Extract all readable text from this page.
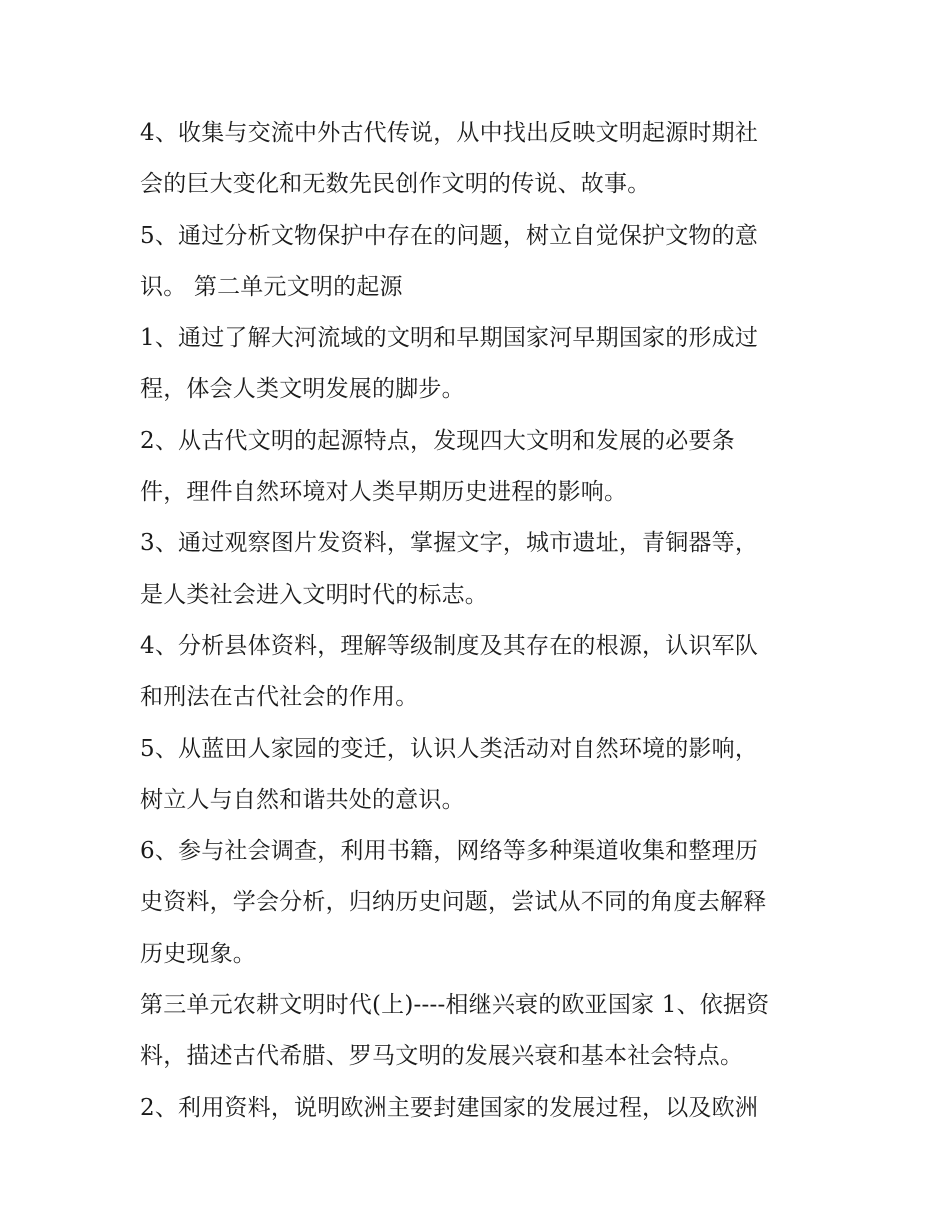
4、收集与交流中外古代传说，从中找出反映文明起源时期社
会的巨大变化和无数先民创作文明的传说、故事。
5、通过分析文物保护中存在的问题，树立自觉保护文物的意
识。 第二单元文明的起源
1、通过了解大河流域的文明和早期国家河早期国家的形成过
程，体会人类文明发展的脚步。
2、从古代文明的起源特点，发现四大文明和发展的必要条
件，理件自然环境对人类早期历史进程的影响。
3、通过观察图片发资料，掌握文字，城市遗址，青铜器等，
是人类社会进入文明时代的标志。
4、分析县体资料，理解等级制度及其存在的根源，认识军队
和刑法在古代社会的作用。
5、从蓝田人家园的变迁，认识人类活动对自然环境的影响，
树立人与自然和谐共处的意识。
6、参与社会调查，利用书籍，网络等多种渠道收集和整理历
史资料，学会分析，归纳历史问题，尝试从不同的角度去解释
历史现象。
第三单元农耕文明时代(上)----相继兴衰的欧亚国家 1、依据资
料，描述古代希腊、罗马文明的发展兴衰和基本社会特点。
2、利用资料，说明欧洲主要封建国家的发展过程，以及欧洲
